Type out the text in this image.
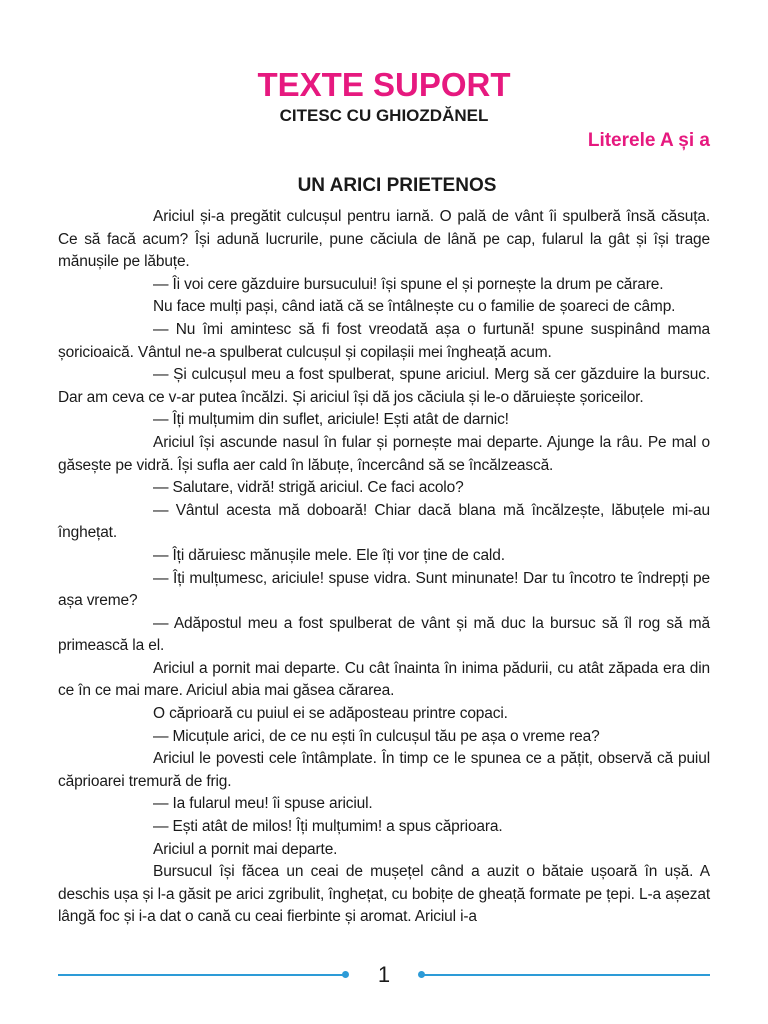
TEXTE SUPORT
CITESC CU GHIOZDĂNEL
Literele A și a
UN ARICI PRIETENOS

Ariciul și-a pregătit culcușul pentru iarnă. O pală de vânt îi spulberă însă căsuța. Ce să facă acum? Își adună lucrurile, pune căciula de lână pe cap, fularul la gât și își trage mănușile pe lăbuțe.

— Îi voi cere găzduire bursucului! își spune el și pornește la drum pe cărare.

Nu face mulți pași, când iată că se întâlnește cu o familie de șoareci de câmp.

— Nu îmi amintesc să fi fost vreodată așa o furtună! spune suspinând mama șoricioaică. Vântul ne-a spulberat culcușul și copilașii mei îngheață acum.

— Și culcușul meu a fost spulberat, spune ariciul. Merg să cer găzduire la bursuc. Dar am ceva ce v-ar putea încălzi. Și ariciul își dă jos căciula și le-o dăruiește șoriceilor.

— Îți mulțumim din suflet, ariciule! Ești atât de darnic!

Ariciul își ascunde nasul în fular și pornește mai departe. Ajunge la râu. Pe mal o găsește pe vidră. Își sufla aer cald în lăbuțe, încercând să se încălzească.

— Salutare, vidră! strigă ariciul. Ce faci acolo?

— Vântul acesta mă doboară! Chiar dacă blana mă încălzește, lăbuțele mi-au înghețat.

— Îți dăruiesc mănușile mele. Ele îți vor ține de cald.

— Îți mulțumesc, ariciule! spuse vidra. Sunt minunate! Dar tu încotro te îndrepți pe așa vreme?

— Adăpostul meu a fost spulberat de vânt și mă duc la bursuc să îl rog să mă primească la el.

Ariciul a pornit mai departe. Cu cât înainta în inima pădurii, cu atât zăpada era din ce în ce mai mare. Ariciul abia mai găsea cărarea.

O căprioară cu puiul ei se adăposteau printre copaci.

— Micuțule arici, de ce nu ești în culcușul tău pe așa o vreme rea?

Ariciul le povesti cele întâmplate. În timp ce le spunea ce a pățit, observă că puiul căprioarei tremură de frig.

— Ia fularul meu! îi spuse ariciul.

— Ești atât de milos! Îți mulțumim! a spus căprioara.

Ariciul a pornit mai departe.

Bursucul își făcea un ceai de mușețel când a auzit o bătaie ușoară în ușă. A deschis ușa și l-a găsit pe arici zgribulit, înghețat, cu bobițe de gheață formate pe țepi. L-a așezat lângă foc și i-a dat o cană cu ceai fierbinte și aromat. Ariciul i-a

1
